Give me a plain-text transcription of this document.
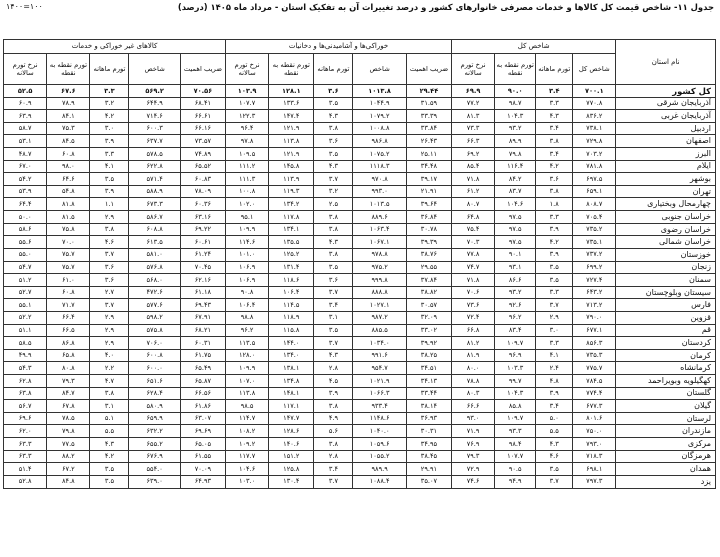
جدول ۱۱- شاخص قیمت کل کالاها و خدمات مصرفی خانوارهای کشور و درصد تغییرات آن به تفکیک استان - مرداد ماه ۱۴۰۵ (درصد)
۱۴۰۰=۱۰۰
نام استان	شاخص کل				خوراکی‌ها و آشامیدنی‌ها و دخانیات					کالاهای غیر خوراکی و خدمات				
	شاخص کل	تورم ماهانه	تورم نقطه به نقطه	نرخ تورم سالانه	ضریب اهمیت	شاخص	تورم ماهانه	تورم نقطه به نقطه	نرخ تورم سالانه	ضریب اهمیت	شاخص	تورم ماهانه	تورم نقطه به نقطه	نرخ تورم سالانه
کل کشور	۷۰۰.۱	۳.۴	۹۰.۰	۶۹.۹	۲۹.۴۴	۱۰۱۳.۸	۳.۶	۱۲۸.۱	۱۰۳.۹	۷۰.۵۶	۵۶۹.۲	۳.۳	۶۷.۶	۵۲.۵
آذربایجان شرقی	۷۷۰.۸	۳.۳	۹۸.۷	۷۷.۲	۳۱.۵۹	۱۰۴۴.۹	۳.۵	۱۳۳.۶	۱۰۷.۷	۶۸.۴۱	۶۴۴.۹	۳.۲	۷۸.۹	۶۰.۹
آذربایجان غربی	۸۳۶.۲	۴.۳	۱۰۴.۳	۸۱.۳	۳۳.۳۹	۱۰۷۹.۲	۴.۳	۱۴۷.۴	۱۲۲.۳	۶۶.۶۱	۷۱۴.۶	۴.۲	۸۴.۱	۶۳.۹
اردبیل	۷۳۸.۱	۳.۴	۹۳.۲	۷۳.۳	۳۳.۸۴	۱۰۰۸.۸	۳.۸	۱۲۱.۹	۹۶.۴	۶۶.۱۶	۶۰۰.۳	۳.۰	۷۵.۳	۵۸.۷
اصفهان	۷۲۹.۸	۳.۸	۸۹.۹	۶۶.۳	۲۶.۴۳	۹۸۶.۸	۳.۶	۱۱۳.۸	۹۷.۸	۷۳.۵۷	۶۳۷.۷	۳.۹	۸۴.۵	۵۳.۱
البرز	۷۰۳.۲	۳.۴	۷۹.۸	۶۹.۲	۲۵.۱۱	۱۰۷۵.۲	۳.۵	۱۲۱.۹	۱۰۹.۵	۷۴.۸۹	۵۷۸.۵	۳.۳	۶۰.۸	۴۸.۷
ایلام	۷۸۱.۸	۴.۲	۱۱۶.۴	۸۵.۴	۳۴.۴۸	۱۱۱۸.۳	۴.۳	۱۴۵.۸	۱۱۱.۲	۶۵.۵۲	۶۲۲.۸	۴.۱	۹۸.۰	۶۷.۰
بوشهر	۶۹۷.۵	۳.۶	۸۴.۲	۷۱.۸	۳۹.۱۷	۹۷۰.۸	۳.۷	۱۱۳.۹	۱۱۱.۳	۶۰.۸۳	۵۷۱.۴	۳.۵	۶۴.۶	۵۴.۲
تهران	۶۵۹.۱	۳.۸	۸۳.۷	۶۱.۲	۲۱.۹۱	۹۹۳.۰	۳.۲	۱۱۹.۳	۱۰۰.۸	۷۸.۰۹	۵۸۸.۹	۳.۹	۵۴.۸	۵۳.۹
چهارمحال وبختیاری	۸۰۸.۷	۱.۸	۱۰۴.۶	۸۰.۷	۳۹.۶۴	۱۰۱۳.۵	۲.۵	۱۳۴.۲	۱۰۲.۰	۶۰.۳۶	۶۷۳.۳	۱.۱	۸۱.۸	۶۴.۴
خراسان جنوبی	۷۰۵.۴	۳.۳	۹۷.۵	۶۴.۸	۳۶.۸۴	۸۸۹.۶	۳.۸	۱۱۷.۸	۹۵.۱	۶۳.۱۶	۵۸۶.۷	۲.۹	۸۱.۵	۵۰.۰
خراسان رضوی	۷۳۵.۲	۳.۹	۹۷.۵	۷۵.۴	۳۰.۷۸	۱۰۶۳.۴	۳.۸	۱۳۴.۱	۱۰۹.۹	۶۹.۲۲	۶۰۸.۸	۳.۸	۷۵.۸	۵۸.۶
خراسان شمالی	۷۳۵.۱	۴.۲	۹۷.۵	۷۰.۳	۳۹.۳۹	۱۰۶۷.۱	۴.۳	۱۳۵.۵	۱۱۴.۶	۶۰.۶۱	۶۱۳.۵	۴.۶	۷۰.۰	۵۵.۶
خوزستان	۷۳۷.۲	۳.۹	۹۰.۱	۷۷.۸	۳۸.۷۶	۹۷۸.۸	۳.۸	۱۲۵.۲	۱۰۱.۰	۶۱.۲۴	۵۸۱.۰	۳.۷	۷۵.۷	۵۵.۰
زنجان	۶۹۹.۲	۳.۵	۹۳.۱	۷۴.۷	۲۹.۵۵	۹۷۵.۲	۳.۵	۱۳۱.۴	۱۰۶.۹	۷۰.۴۵	۵۷۶.۸	۳.۶	۷۵.۷	۵۴.۷
سمنان	۷۲۷.۴	۳.۵	۸۶.۶	۷۱.۸	۳۷.۸۴	۹۹۹.۸	۳.۶	۱۱۸.۶	۱۰۶.۹	۶۲.۱۶	۵۶۸.۰	۳.۶	۶۱.۰	۵۱.۲
سیستان وبلوچستان	۶۴۳.۲	۳.۳	۹۳.۲	۷۰.۶	۳۸.۸۲	۸۸۸.۸	۳.۷	۱۰۶.۴	۹۰.۸	۶۱.۱۸	۴۷۲.۶	۲.۷	۶۰.۸	۵۲.۷
فارس	۷۱۳.۲	۳.۷	۹۲.۶	۷۳.۶	۳۰.۵۷	۱۰۲۷.۱	۳.۴	۱۱۴.۵	۱۰۶.۴	۶۹.۴۳	۵۷۷.۶	۳.۷	۷۱.۷	۵۵.۱
قزوین	۷۹۰.۰	۲.۹	۹۶.۲	۷۲.۴	۳۲.۰۹	۹۸۷.۲	۳.۱	۱۱۸.۹	۹۸.۸	۶۷.۹۱	۵۹۸.۲	۲.۹	۶۶.۴	۵۲.۲
قم	۶۷۷.۱	۳.۰	۸۳.۴	۶۶.۸	۳۳.۰۲	۸۸۵.۵	۳.۵	۱۱۵.۸	۹۶.۲	۶۸.۲۱	۵۷۵.۸	۲.۹	۶۶.۵	۵۱.۱
کردستان	۸۵۶.۳	۳.۳	۱۰۹.۷	۸۱.۲	۳۹.۹۲	۱۰۳۴.۰	۳.۷	۱۴۴.۰	۱۱۳.۵	۶۰.۳۱	۷۰۶.۰	۲.۹	۸۶.۸	۵۸.۵
کرمان	۷۳۵.۳	۴.۱	۹۶.۹	۸۱.۹	۳۸.۲۵	۹۹۱.۶	۴.۳	۱۳۴.۰	۱۲۸.۰	۶۱.۷۵	۶۰۰.۸	۴.۰	۶۵.۸	۴۹.۹
کرمانشاه	۷۷۵.۷	۲.۴	۱۰۳.۳	۸۰.۰	۳۴.۵۱	۹۵۴.۷	۲.۸	۱۳۸.۱	۱۰۹.۹	۶۵.۴۹	۶۰۰.۰	۲.۲	۸۰.۸	۵۴.۳
کهگیلویه وبویراحمد	۷۸۴.۵	۴.۸	۹۹.۷	۷۸.۸	۳۴.۱۳	۱۰۲۱.۹	۴.۵	۱۳۴.۸	۱۰۷.۰	۶۵.۸۷	۶۵۱.۶	۴.۷	۷۹.۳	۶۲.۸
گلستان	۷۷۴.۴	۳.۹	۱۰۴.۳	۸۰.۳	۳۳.۴۴	۱۰۶۶.۳	۳.۹	۱۴۸.۱	۱۱۳.۸	۶۶.۵۶	۶۲۸.۴	۳.۸	۸۴.۷	۶۳.۸
گیلان	۶۷۷.۳	۳.۴	۸۵.۸	۶۶.۶	۳۸.۱۴	۹۳۳.۴	۳.۸	۱۱۷.۱	۹۸.۵	۶۱.۸۶	۵۸۰.۹	۳.۱	۶۷.۸	۵۶.۷
لرستان	۸۰۱.۶	۵.۰	۱۰۹.۷	۹۳.۰	۳۶.۹۳	۱۱۴۸.۶	۴.۹	۱۴۷.۷	۱۱۴.۷	۶۳.۰۷	۶۵۹.۹	۵.۱	۷۸.۵	۶۹.۶
مازندران	۷۵۰.۰	۵.۵	۹۳.۳	۷۱.۹	۳۰.۳۱	۱۰۴۰.۰	۵.۶	۱۲۸.۶	۱۰۸.۲	۶۹.۶۹	۶۳۲.۲	۵.۵	۷۹.۸	۶۲.۰
مرکزی	۷۹۳.۰	۴.۳	۹۸.۴	۷۶.۹	۳۴.۹۵	۱۰۵۹.۶	۳.۸	۱۴۰.۶	۱۰۹.۲	۶۵.۰۵	۶۵۵.۲	۴.۳	۷۷.۵	۶۳.۳
هرمزگان	۷۱۸.۳	۴.۶	۱۰۷.۷	۷۹.۳	۳۸.۴۵	۱۰۵۵.۲	۲.۸	۱۵۱.۲	۱۱۷.۷	۶۱.۵۵	۶۷۶.۹	۴.۲	۸۸.۲	۶۳.۳
همدان	۶۹۸.۱	۳.۵	۹۰.۵	۷۲.۹	۲۹.۹۱	۹۸۹.۹	۳.۴	۱۲۵.۸	۱۰۴.۶	۷۰.۰۹	۵۵۴.۰	۳.۵	۶۷.۲	۵۱.۴
یزد	۷۹۷.۳	۳.۷	۹۴.۹	۷۴.۶	۳۵.۰۷	۱۰۸۸.۴	۳.۷	۱۳۰.۴	۱۰۳.۰	۶۴.۹۳	۶۳۹.۰	۳.۵	۸۴.۸	۵۲.۸
